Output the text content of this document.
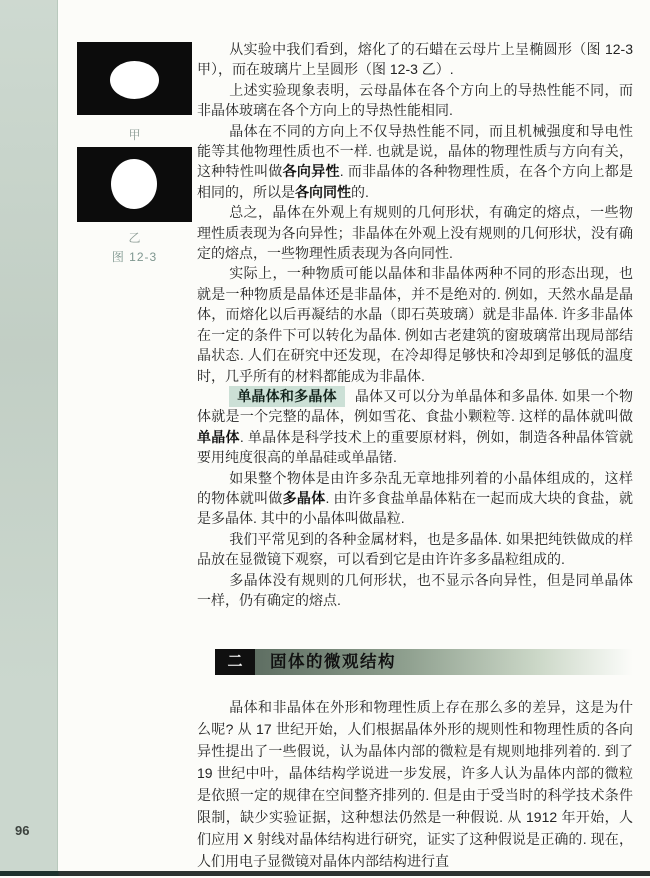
96
甲
乙
图 12-3

从实验中我们看到，熔化了的石蜡在云母片上呈椭圆形（图 12-3 甲），而在玻璃片上呈圆形（图 12-3 乙）.

上述实验现象表明，云母晶体在各个方向上的导热性能不同，而非晶体玻璃在各个方向上的导热性能相同.

晶体在不同的方向上不仅导热性能不同，而且机械强度和导电性能等其他物理性质也不一样. 也就是说，晶体的物理性质与方向有关，这种特性叫做各向异性. 而非晶体的各种物理性质，在各个方向上都是相同的，所以是各向同性的.

总之，晶体在外观上有规则的几何形状，有确定的熔点，一些物理性质表现为各向异性；非晶体在外观上没有规则的几何形状，没有确定的熔点，一些物理性质表现为各向同性.

实际上，一种物质可能以晶体和非晶体两种不同的形态出现，也就是一种物质是晶体还是非晶体，并不是绝对的. 例如，天然水晶是晶体，而熔化以后再凝结的水晶（即石英玻璃）就是非晶体. 许多非晶体在一定的条件下可以转化为晶体. 例如古老建筑的窗玻璃常出现局部结晶状态. 人们在研究中还发现，在冷却得足够快和冷却到足够低的温度时，几乎所有的材料都能成为非晶体.

单晶体和多晶体 晶体又可以分为单晶体和多晶体. 如果一个物体就是一个完整的晶体，例如雪花、食盐小颗粒等. 这样的晶体就叫做单晶体. 单晶体是科学技术上的重要原材料，例如，制造各种晶体管就要用纯度很高的单晶硅或单晶锗.

如果整个物体是由许多杂乱无章地排列着的小晶体组成的，这样的物体就叫做多晶体. 由许多食盐单晶体粘在一起而成大块的食盐，就是多晶体. 其中的小晶体叫做晶粒.

我们平常见到的各种金属材料，也是多晶体. 如果把纯铁做成的样品放在显微镜下观察，可以看到它是由许许多多晶粒组成的.

多晶体没有规则的几何形状，也不显示各向异性，但是同单晶体一样，仍有确定的熔点.

二	固体的微观结构

晶体和非晶体在外形和物理性质上存在那么多的差异，这是为什么呢? 从 17 世纪开始，人们根据晶体外形的规则性和物理性质的各向异性提出了一些假说，认为晶体内部的微粒是有规则地排列着的. 到了 19 世纪中叶，晶体结构学说进一步发展，许多人认为晶体内部的微粒是依照一定的规律在空间整齐排列的. 但是由于受当时的科学技术条件限制，缺少实验证据，这种想法仍然是一种假说. 从 1912 年开始，人们应用 X 射线对晶体结构进行研究，证实了这种假说是正确的. 现在，人们用电子显微镜对晶体内部结构进行直
